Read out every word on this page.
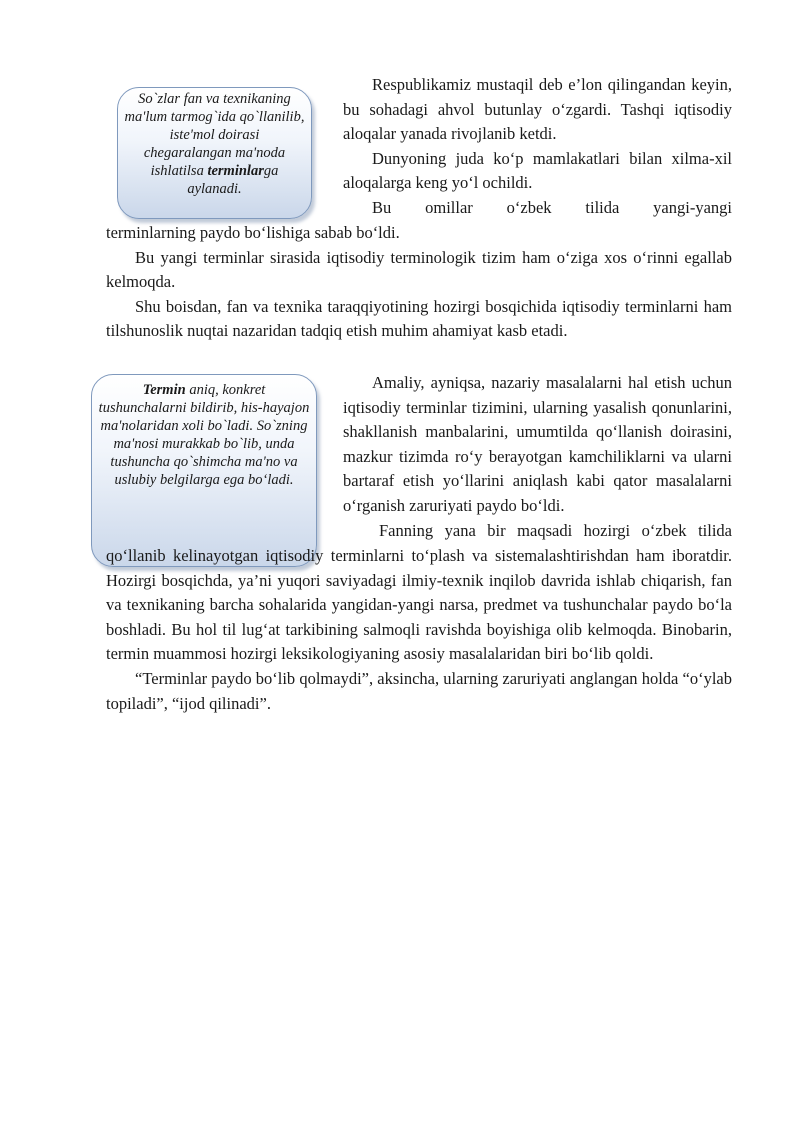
So`zlar fan va texnikaning ma'lum tarmog`ida qo`llanilib, iste'mol doirasi chegaralangan ma'noda ishlatilsa terminlarga aylanadi.
Termin aniq, konkret tushunchalarni bildirib, his-hayajon ma'nolaridan xoli bo`ladi. So`zning ma'nosi murakkab bo`lib, unda tushuncha qo`shimcha ma'no va uslubiy belgilarga ega bo‘ladi.

Respublikamiz mustaqil deb e’lon qilingandan keyin, bu sohadagi ahvol butunlay o‘zgardi. Tashqi iqtisodiy aloqalar yanada rivojlanib ketdi.

Dunyoning juda ko‘p mamlakatlari bilan xilma-xil aloqalarga keng yo‘l ochildi.

Bu omillar o‘zbek tilida yangi-yangi

terminlarning paydo bo‘lishiga sabab bo‘ldi.

Bu yangi terminlar sirasida iqtisodiy terminologik tizim ham o‘ziga xos o‘rinni egallab kelmoqda.

Shu boisdan, fan va texnika taraqqiyotining hozirgi bosqichida iqtisodiy terminlarni ham tilshunoslik nuqtai nazaridan tadqiq etish muhim ahamiyat kasb etadi.

Amaliy, ayniqsa, nazariy masalalarni hal etish uchun iqtisodiy terminlar tizimini, ularning yasalish qonunlarini, shakllanish manbalarini, umumtilda qo‘llanish doirasini, mazkur tizimda ro‘y berayotgan kamchiliklarni va ularni bartaraf etish yo‘llarini aniqlash kabi qator masalalarni o‘rganish zaruriyati paydo bo‘ldi.

Fanning yana bir maqsadi hozirgi o‘zbek tilida

qo‘llanib kelinayotgan iqtisodiy terminlarni to‘plash va sistemalashtirishdan ham iboratdir. Hozirgi bosqichda, ya’ni yuqori saviyadagi ilmiy-texnik inqilob davrida ishlab chiqarish, fan va texnikaning barcha sohalarida yangidan-yangi narsa, predmet va tushunchalar paydo bo‘la boshladi. Bu hol til lug‘at tarkibining salmoqli ravishda boyishiga olib kelmoqda. Binobarin, termin muammosi hozirgi leksikologiyaning asosiy masalalaridan biri bo‘lib qoldi.

“Terminlar paydo bo‘lib qolmaydi”, aksincha, ularning zaruriyati anglangan holda “o‘ylab topiladi”, “ijod qilinadi”.
